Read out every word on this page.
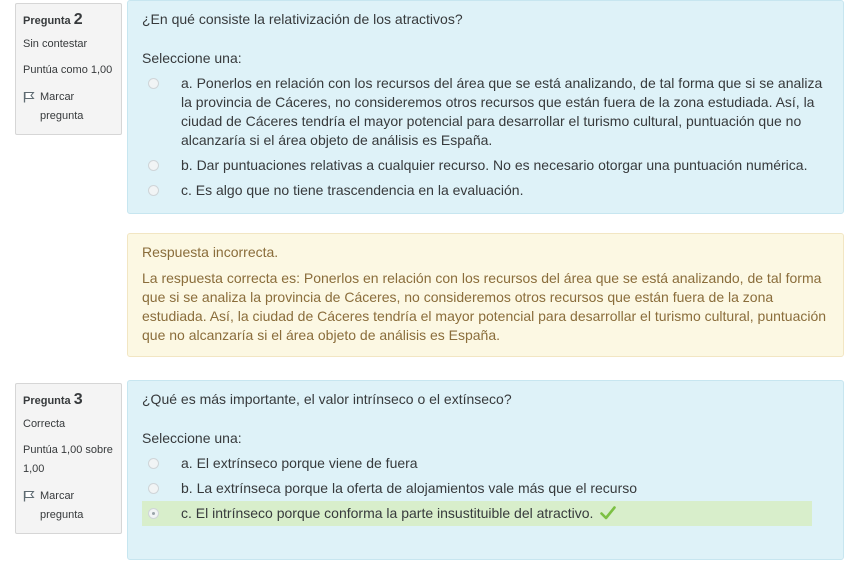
Pregunta 2
Sin contestar
Puntúa como 1,00
Marcar pregunta
¿En qué consiste la relativización de los atractivos?
Seleccione una:
a. Ponerlos en relación con los recursos del área que se está analizando, de tal forma que si se analiza la provincia de Cáceres, no consideremos otros recursos que están fuera de la zona estudiada. Así, la ciudad de Cáceres tendría el mayor potencial para desarrollar el turismo cultural, puntuación que no alcanzaría si el área objeto de análisis es España.
b. Dar puntuaciones relativas a cualquier recurso. No es necesario otorgar una puntuación numérica.
c. Es algo que no tiene trascendencia en la evaluación.
Respuesta incorrecta.
La respuesta correcta es: Ponerlos en relación con los recursos del área que se está analizando, de tal forma que si se analiza la provincia de Cáceres, no consideremos otros recursos que están fuera de la zona estudiada. Así, la ciudad de Cáceres tendría el mayor potencial para desarrollar el turismo cultural, puntuación que no alcanzaría si el área objeto de análisis es España.
Pregunta 3
Correcta
Puntúa 1,00 sobre 1,00
Marcar pregunta
¿Qué es más importante, el valor intrínseco o el extínseco?
Seleccione una:
a. El extrínseco porque viene de fuera
b. La extrínseca porque la oferta de alojamientos vale más que el recurso
c. El intrínseco porque conforma la parte insustituible del atractivo.
